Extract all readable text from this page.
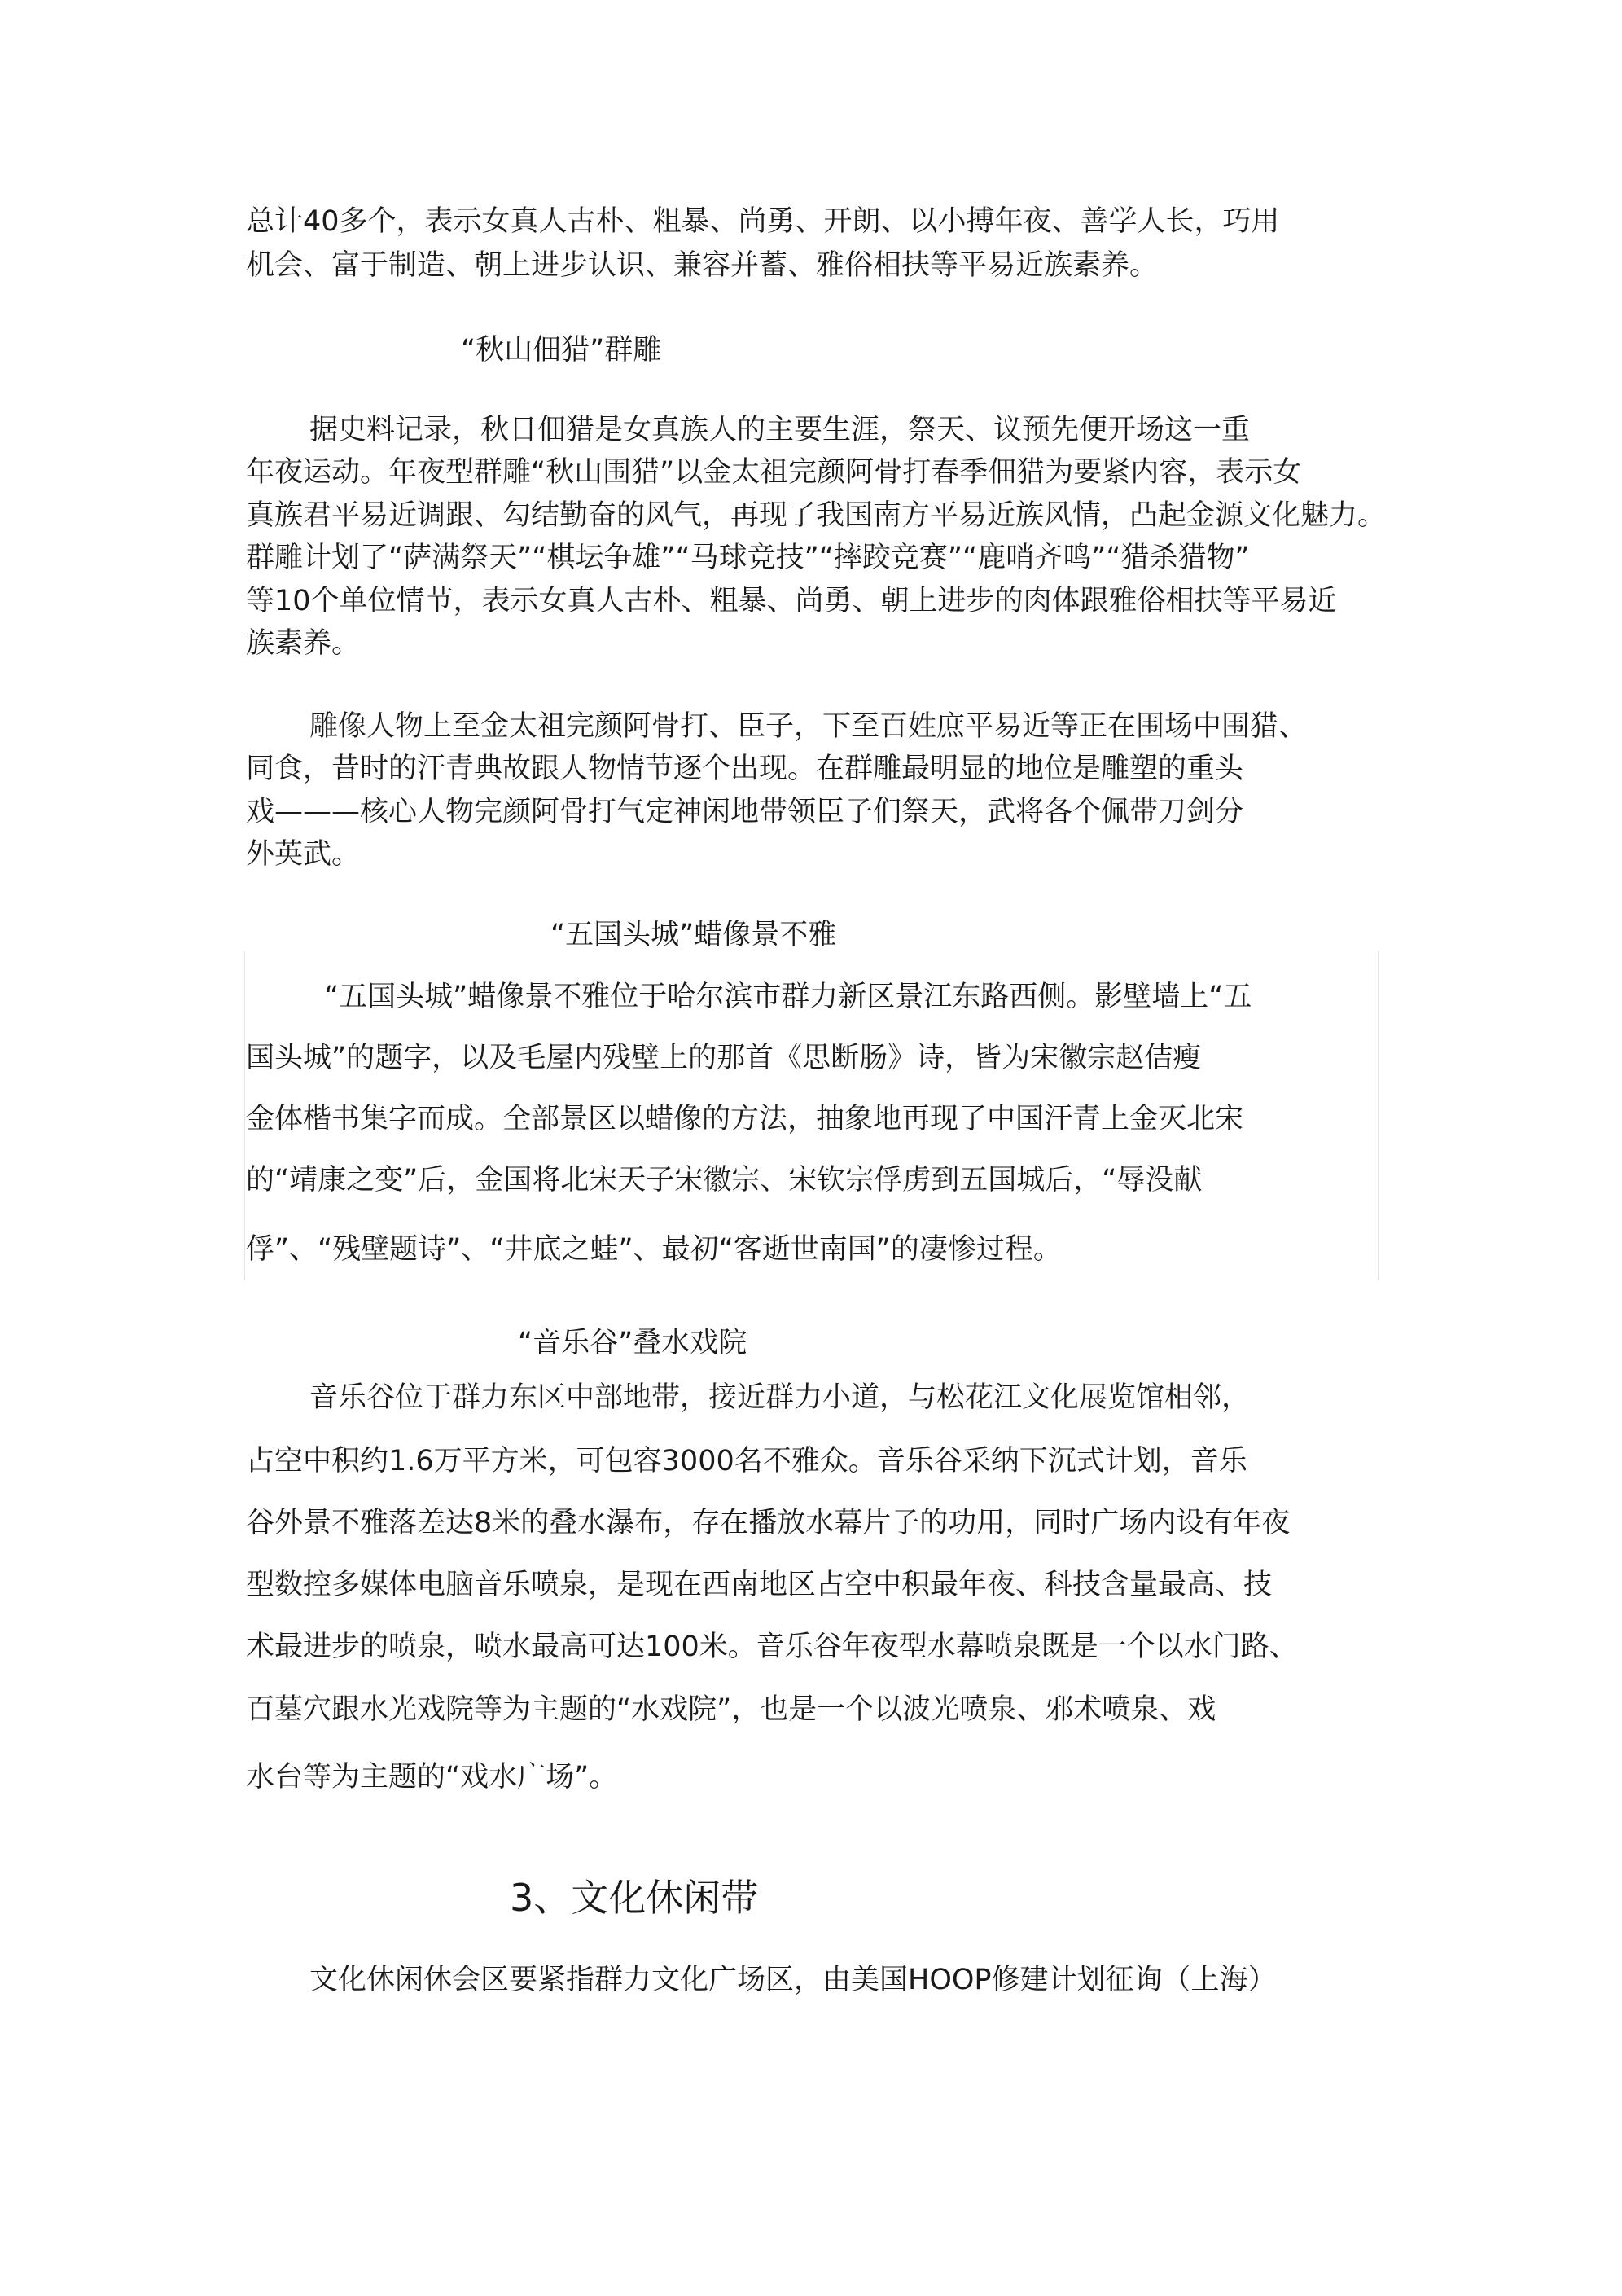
总计40多个，表示女真人古朴、粗暴、尚勇、开朗、以小搏年夜、善学人长，巧用
机会、富于制造、朝上进步认识、兼容并蓄、雅俗相扶等平易近族素养。
“秋山佃猎”群雕
据史料记录，秋日佃猎是女真族人的主要生涯，祭天、议预先便开场这一重
年夜运动。年夜型群雕“秋山围猎”以金太祖完颜阿骨打春季佃猎为要紧内容，表示女
真族君平易近调跟、勾结勤奋的风气，再现了我国南方平易近族风情，凸起金源文化魅力。
群雕计划了“萨满祭天”“棋坛争雄”“马球竞技”“摔跤竞赛”“鹿哨齐鸣”“猎杀猎物”
等10个单位情节，表示女真人古朴、粗暴、尚勇、朝上进步的肉体跟雅俗相扶等平易近
族素养。
雕像人物上至金太祖完颜阿骨打、臣子，下至百姓庶平易近等正在围场中围猎、
同食，昔时的汗青典故跟人物情节逐个出现。在群雕最明显的地位是雕塑的重头
戏———核心人物完颜阿骨打气定神闲地带领臣子们祭天，武将各个佩带刀剑分
外英武。
“五国头城”蜡像景不雅
“五国头城”蜡像景不雅位于哈尔滨市群力新区景江东路西侧。影壁墙上“五
国头城”的题字，以及毛屋内残壁上的那首《思断肠》诗，皆为宋徽宗赵佶瘦
金体楷书集字而成。全部景区以蜡像的方法，抽象地再现了中国汗青上金灭北宋
的“靖康之变”后，金国将北宋天子宋徽宗、宋钦宗俘虏到五国城后，“辱没献
俘”、“残壁题诗”、“井底之蛙”、最初“客逝世南国”的凄惨过程。
“音乐谷”叠水戏院
音乐谷位于群力东区中部地带，接近群力小道，与松花江文化展览馆相邻，
占空中积约1.6万平方米，可包容3000名不雅众。音乐谷采纳下沉式计划，音乐
谷外景不雅落差达8米的叠水瀑布，存在播放水幕片子的功用，同时广场内设有年夜
型数控多媒体电脑音乐喷泉，是现在西南地区占空中积最年夜、科技含量最高、技
术最进步的喷泉，喷水最高可达100米。音乐谷年夜型水幕喷泉既是一个以水门路、
百墓穴跟水光戏院等为主题的“水戏院”，也是一个以波光喷泉、邪术喷泉、戏
水台等为主题的“戏水广场”。
3、文化休闲带
文化休闲休会区要紧指群力文化广场区，由美国HOOP修建计划征询（上海）
